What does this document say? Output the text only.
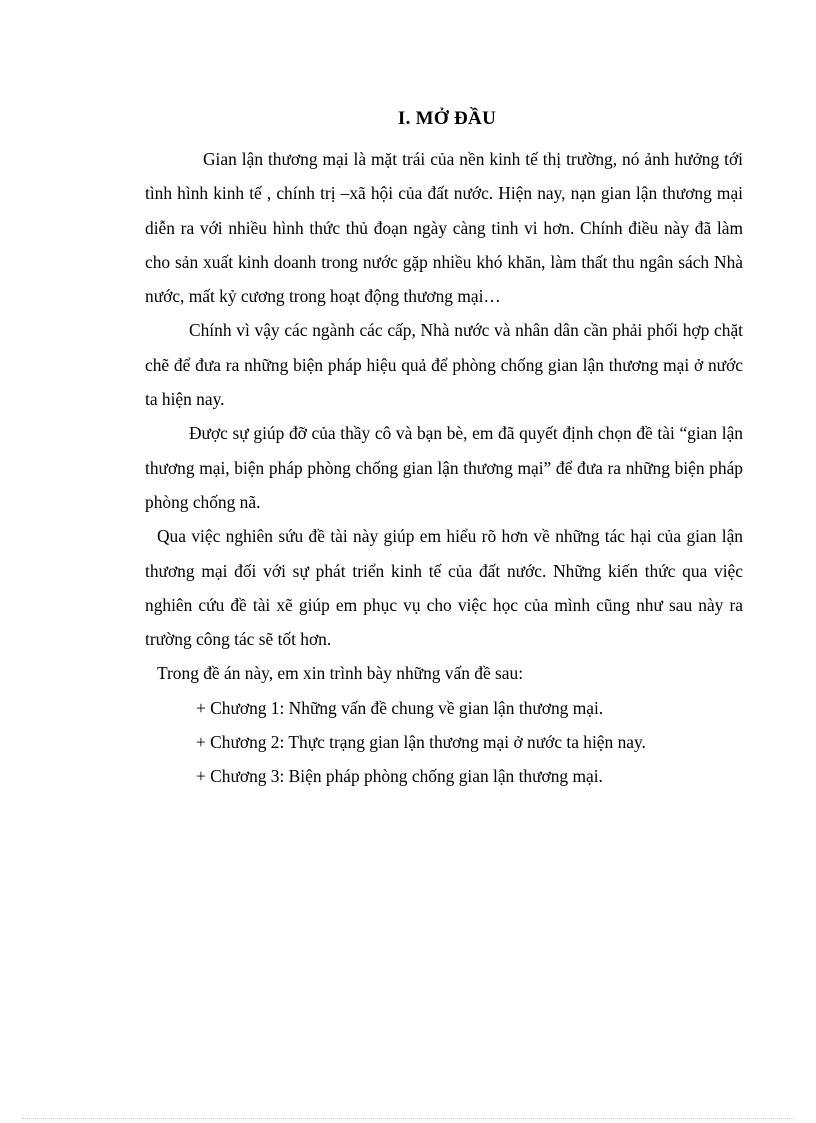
I. MỞ ĐẦU

Gian lận thương mại là mặt trái của nền kinh tế thị trường, nó ảnh hưởng tới tình hình kinh tế , chính trị –xã hội của đất nước. Hiện nay, nạn gian lận thương mại diễn ra với nhiều hình thức thủ đoạn ngày càng tinh vi hơn. Chính điều này đã làm cho sản xuất kinh doanh trong nước gặp nhiều khó khăn, làm thất thu ngân sách Nhà nước, mất kỷ cương trong hoạt động thương mại…

Chính vì vậy các ngành các cấp, Nhà nước và nhân dân cần phải phối hợp chặt chẽ để đưa ra những biện pháp hiệu quả để phòng chống gian lận thương mại ở nước ta hiện nay.

Được sự giúp đỡ của thầy cô và bạn bè, em đã quyết định chọn đề tài “gian lận thương mại, biện pháp phòng chống gian lận thương mại” để đưa ra những biện pháp phòng chống nã.

Qua việc nghiên sứu đề tài này giúp em hiểu rõ hơn về những tác hại của gian lận thương mại đối với sự phát triển kinh tế của đất nước. Những kiến thức qua việc nghiên cứu đề tài xẽ giúp em phục vụ cho việc học của mình cũng như sau này ra trường công tác sẽ tốt hơn.

Trong đề án này, em xin trình bày những vấn đề sau:

+ Chương 1: Những vấn đề chung về gian lận thương mại.
+ Chương 2: Thực trạng gian lận thương mại ở nước ta hiện nay.
+ Chương 3: Biện pháp phòng chống gian lận thương mại.
